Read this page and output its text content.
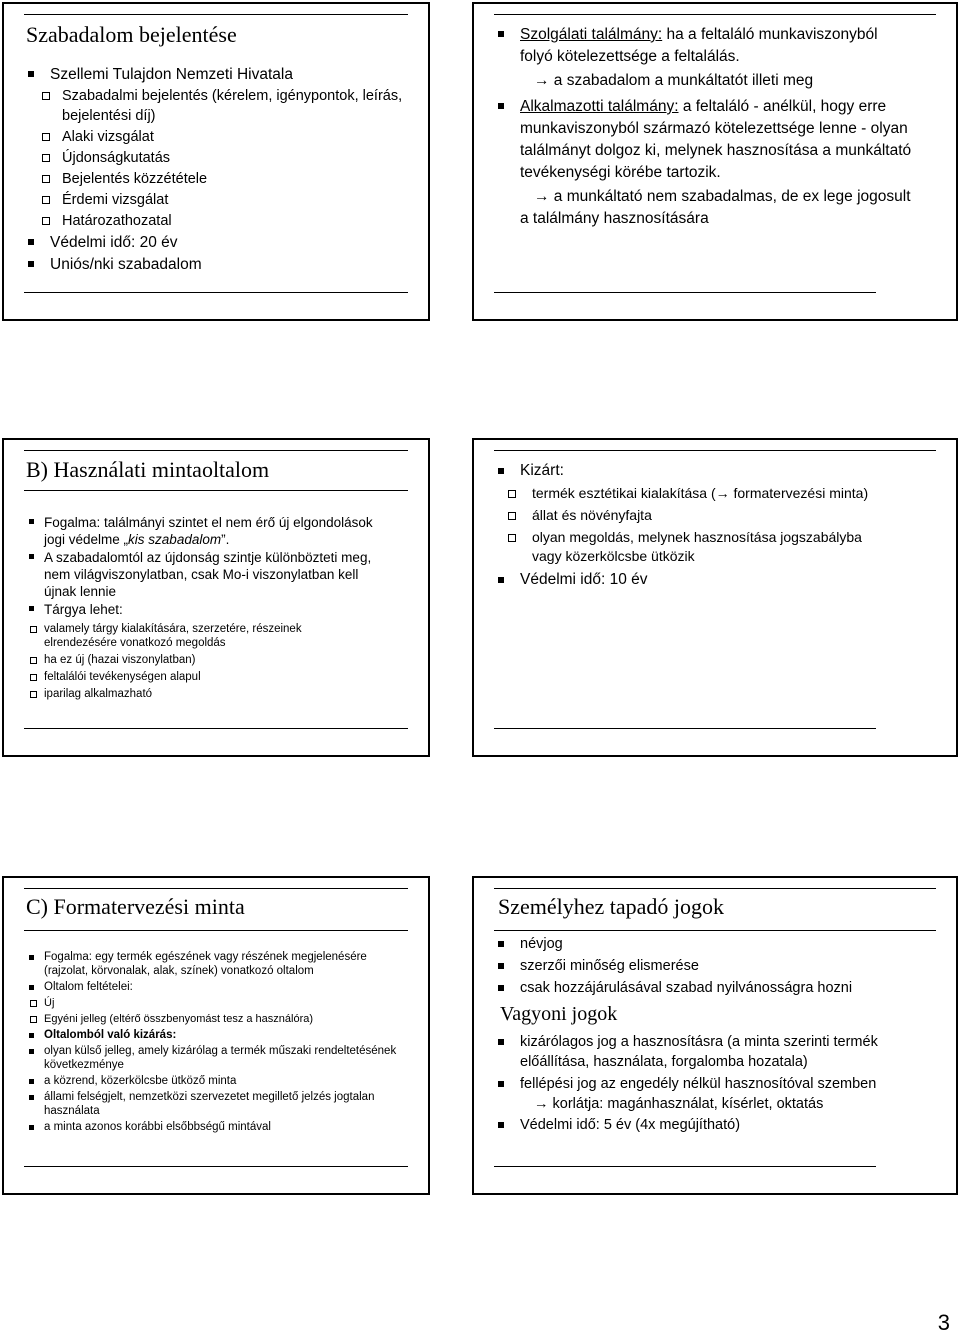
Szabadalom bejelentése
Szellemi Tulajdon Nemzeti Hivatala
Szabadalmi bejelentés (kérelem, igénypontok, leírás, bejelentési díj)
Alaki vizsgálat
Újdonságkutatás
Bejelentés közzététele
Érdemi vizsgálat
Határozathozatal
Védelmi idő: 20 év
Uniós/nki szabadalom
Szolgálati találmány: ha a feltaláló munkaviszonyból folyó kötelezettsége a feltalálás.
→ a szabadalom a munkáltatót illeti meg
Alkalmazotti találmány: a feltaláló - anélkül, hogy erre munkaviszonyból származó kötelezettsége lenne - olyan találmányt dolgoz ki, melynek hasznosítása a munkáltató tevékenységi körébe tartozik.
→ a munkáltató nem szabadalmas, de ex lege jogosult a találmány hasznosítására
B) Használati mintaoltalom
Fogalma: találmányi szintet el nem érő új elgondolások jogi védelme „kis szabadalom”.
A szabadalomtól az újdonság szintje különbözteti meg, nem világviszonylatban, csak Mo-i viszonylatban kell újnak lennie
Tárgya lehet:
valamely tárgy kialakítására, szerzetére, részeinek elrendezésére vonatkozó megoldás
ha ez új (hazai viszonylatban)
feltalálói tevékenységen alapul
iparilag alkalmazható
Kizárt:
termék esztétikai kialakítása (→ formatervezési minta)
állat és növényfajta
olyan megoldás, melynek hasznosítása jogszabályba vagy közerkölcsbe ütközik
Védelmi idő: 10 év
C) Formatervezési minta
Fogalma: egy termék egészének vagy részének megjelenésére (rajzolat, körvonalak, alak, színek) vonatkozó oltalom
Oltalom feltételei:
Új
Egyéni jelleg (eltérő összbenyomást tesz a használóra)
Oltalomból való kizárás:
olyan külső jelleg, amely kizárólag a termék műszaki rendeltetésének következménye
a közrend, közerkölcsbe ütköző minta
állami felségjelt, nemzetközi szervezetet megillető jelzés jogtalan használata
a minta azonos korábbi elsőbbségű mintával
Személyhez tapadó jogok
névjog
szerzői minőség elismerése
csak hozzájárulásával szabad nyilvánosságra hozni
Vagyoni jogok
kizárólagos jog a hasznosításra (a minta szerinti termék előállítása, használata, forgalomba hozatala)
fellépési jog az engedély nélkül hasznosítóval szemben
→ korlátja: magánhasználat, kísérlet, oktatás
Védelmi idő: 5 év (4x megújítható)
3
